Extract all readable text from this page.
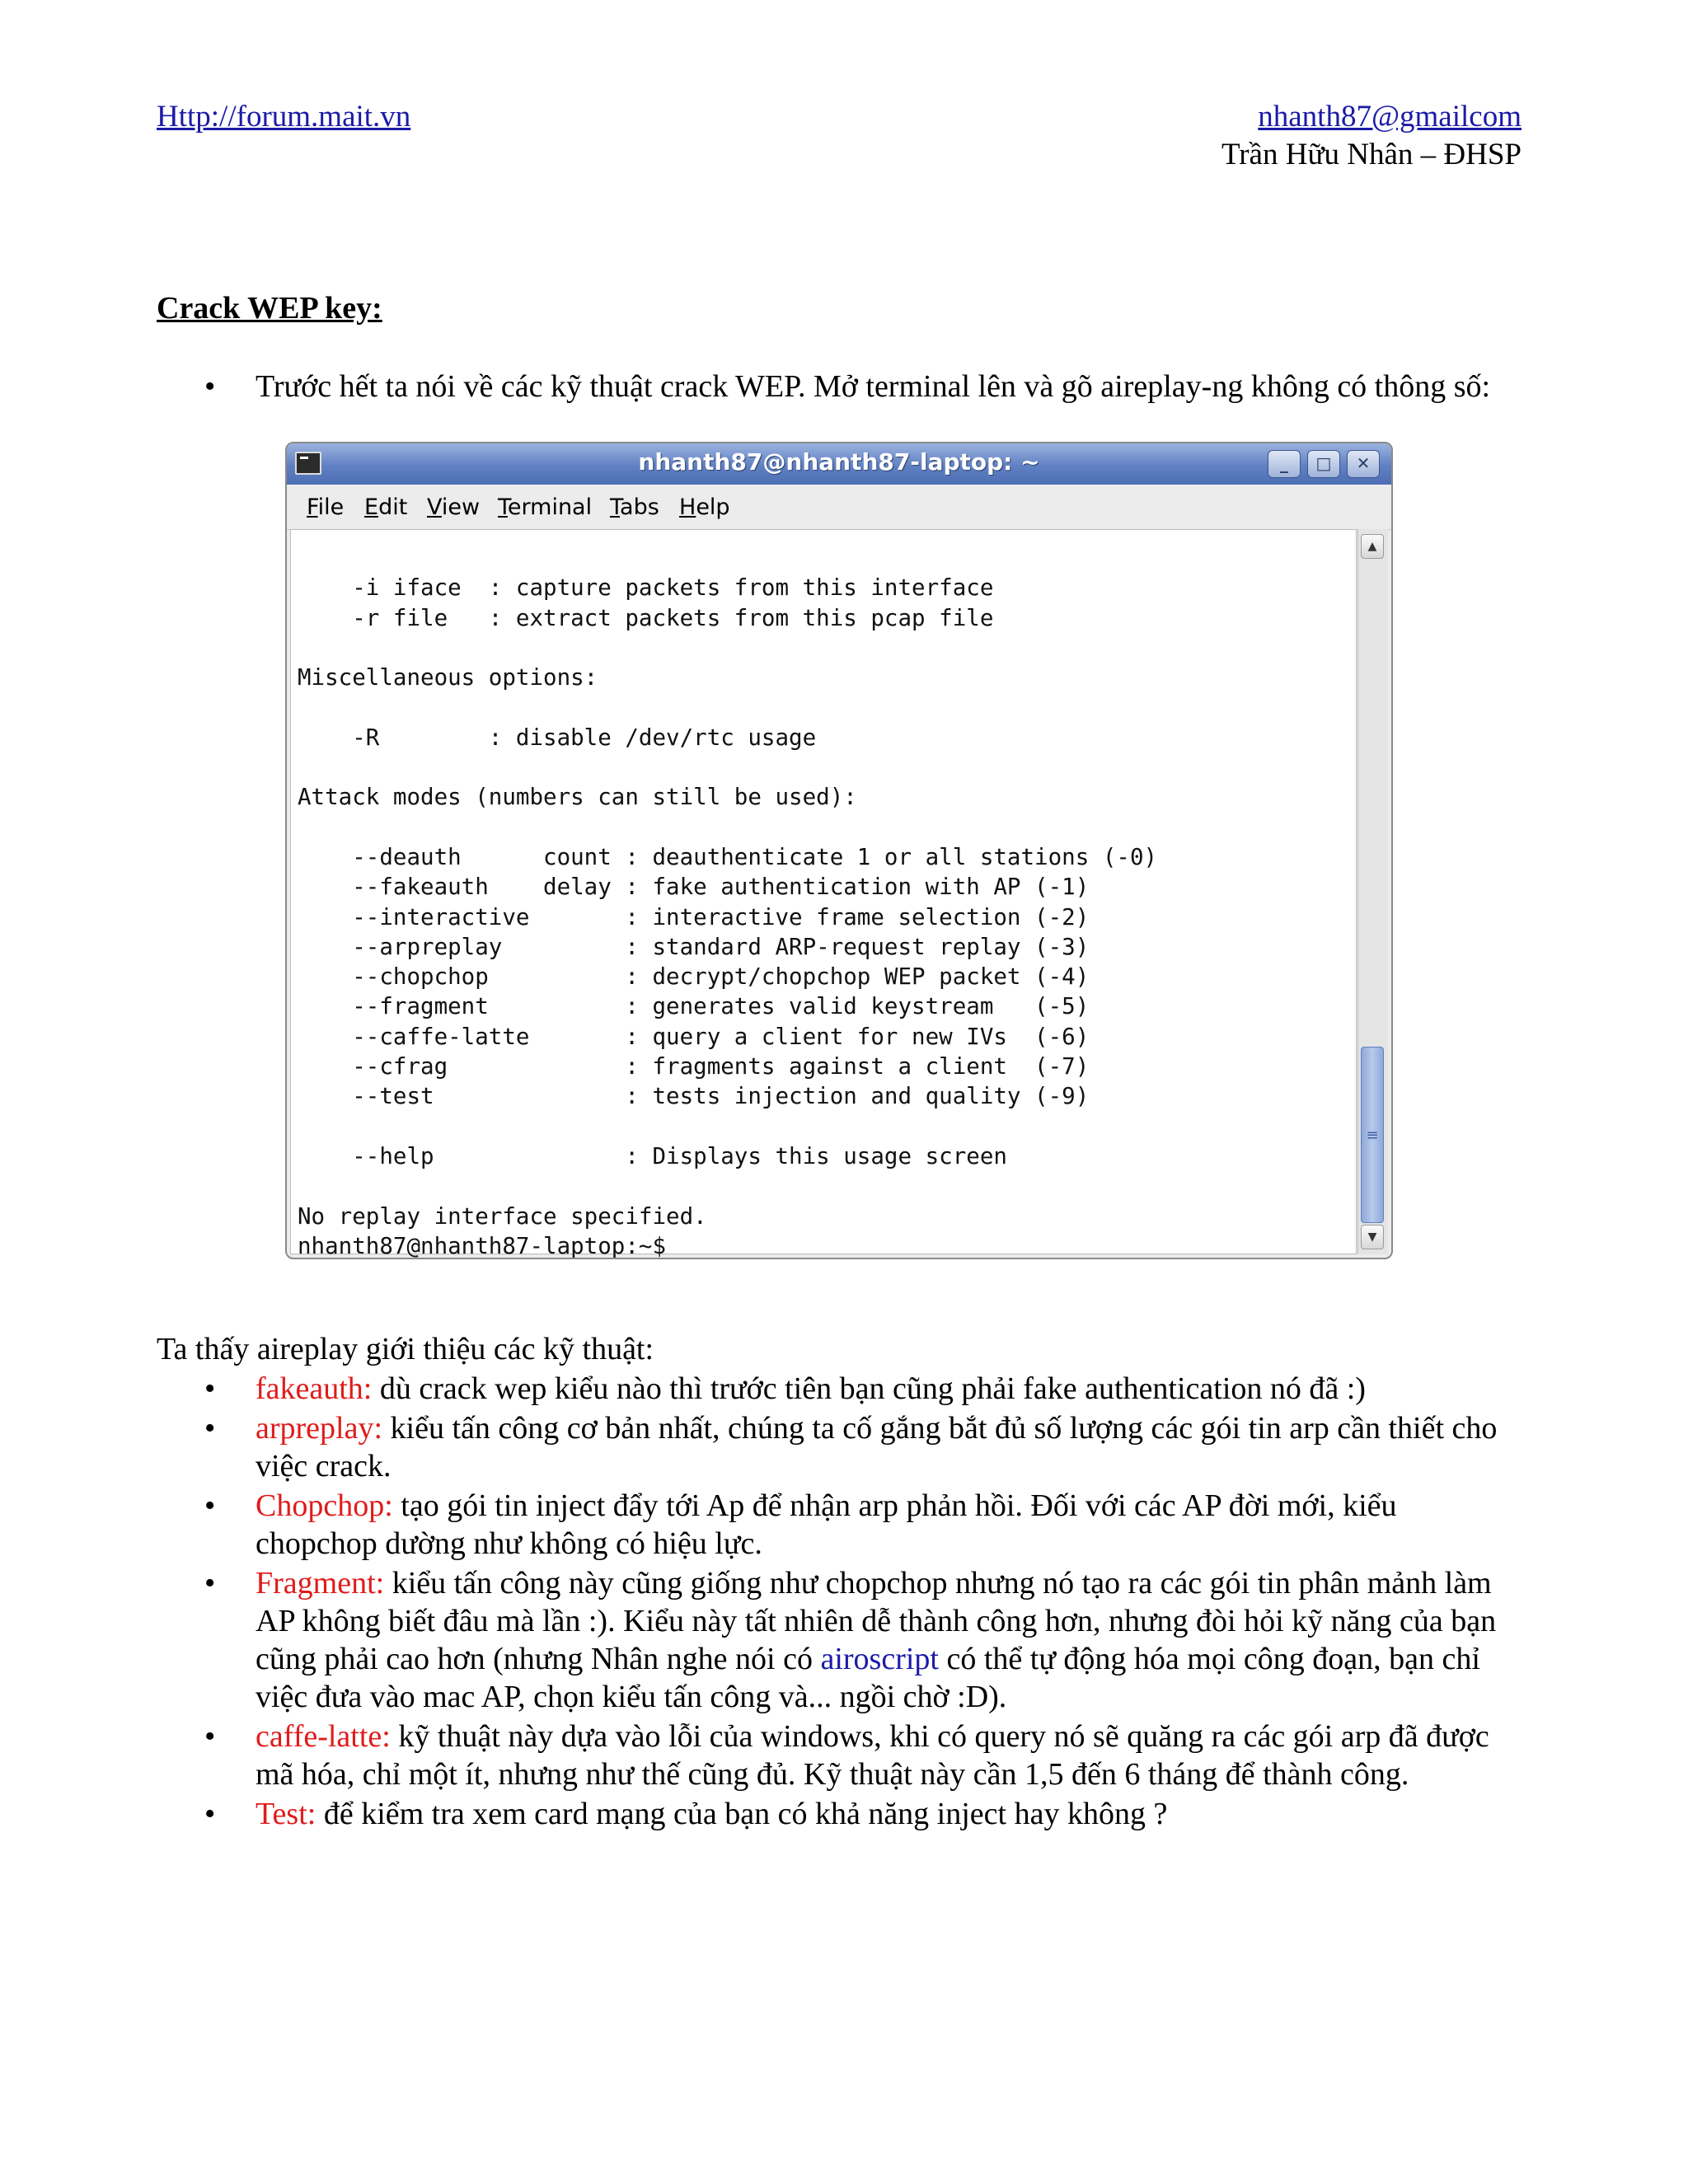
Http://forum.mait.vn	nhanth87@gmailcom
Trần Hữu Nhân – ĐHSP
Crack WEP key:
• Trước hết ta nói về các kỹ thuật crack WEP. Mở terminal lên và gõ aireplay-ng không có thông số:
nhanth87@nhanth87-laptop: ~	_	□	✕
File Edit View Terminal Tabs Help

-i iface  : capture packets from this interface
-r file   : extract packets from this pcap file

Miscellaneous options:

-R        : disable /dev/rtc usage

Attack modes (numbers can still be used):

--deauth      count : deauthenticate 1 or all stations (-0)
--fakeauth    delay : fake authentication with AP (-1)
--interactive       : interactive frame selection (-2)
--arpreplay         : standard ARP-request replay (-3)
--chopchop          : decrypt/chopchop WEP packet (-4)
--fragment          : generates valid keystream   (-5)
--caffe-latte       : query a client for new IVs  (-6)
--cfrag             : fragments against a client  (-7)
--test              : tests injection and quality (-9)

--help              : Displays this usage screen

No replay interface specified.
nhanth87@nhanth87-laptop:~$
▲
≡
▼
Ta thấy aireplay giới thiệu các kỹ thuật:
• fakeauth: dù crack wep kiểu nào thì trước tiên bạn cũng phải fake authentication nó đã :)
• arpreplay: kiểu tấn công cơ bản nhất, chúng ta cố gắng bắt đủ số lượng các gói tin arp cần thiết cho việc crack.
• Chopchop: tạo gói tin inject đẩy tới Ap để nhận arp phản hồi. Đối với các AP đời mới, kiểu chopchop dường như không có hiệu lực.
• Fragment: kiểu tấn công này cũng giống như chopchop nhưng nó tạo ra các gói tin phân mảnh làm AP không biết đâu mà lần :). Kiểu này tất nhiên dễ thành công hơn, nhưng đòi hỏi kỹ năng của bạn cũng phải cao hơn (nhưng Nhân nghe nói có airoscript có thể tự động hóa mọi công đoạn, bạn chỉ việc đưa vào mac AP, chọn kiểu tấn công và... ngồi chờ :D).
• caffe-latte: kỹ thuật này dựa vào lỗi của windows, khi có query nó sẽ quăng ra các gói arp đã được mã hóa, chỉ một ít, nhưng như thế cũng đủ. Kỹ thuật này cần 1,5 đến 6 tháng để thành công.
• Test: để kiểm tra xem card mạng của bạn có khả năng inject hay không ?
